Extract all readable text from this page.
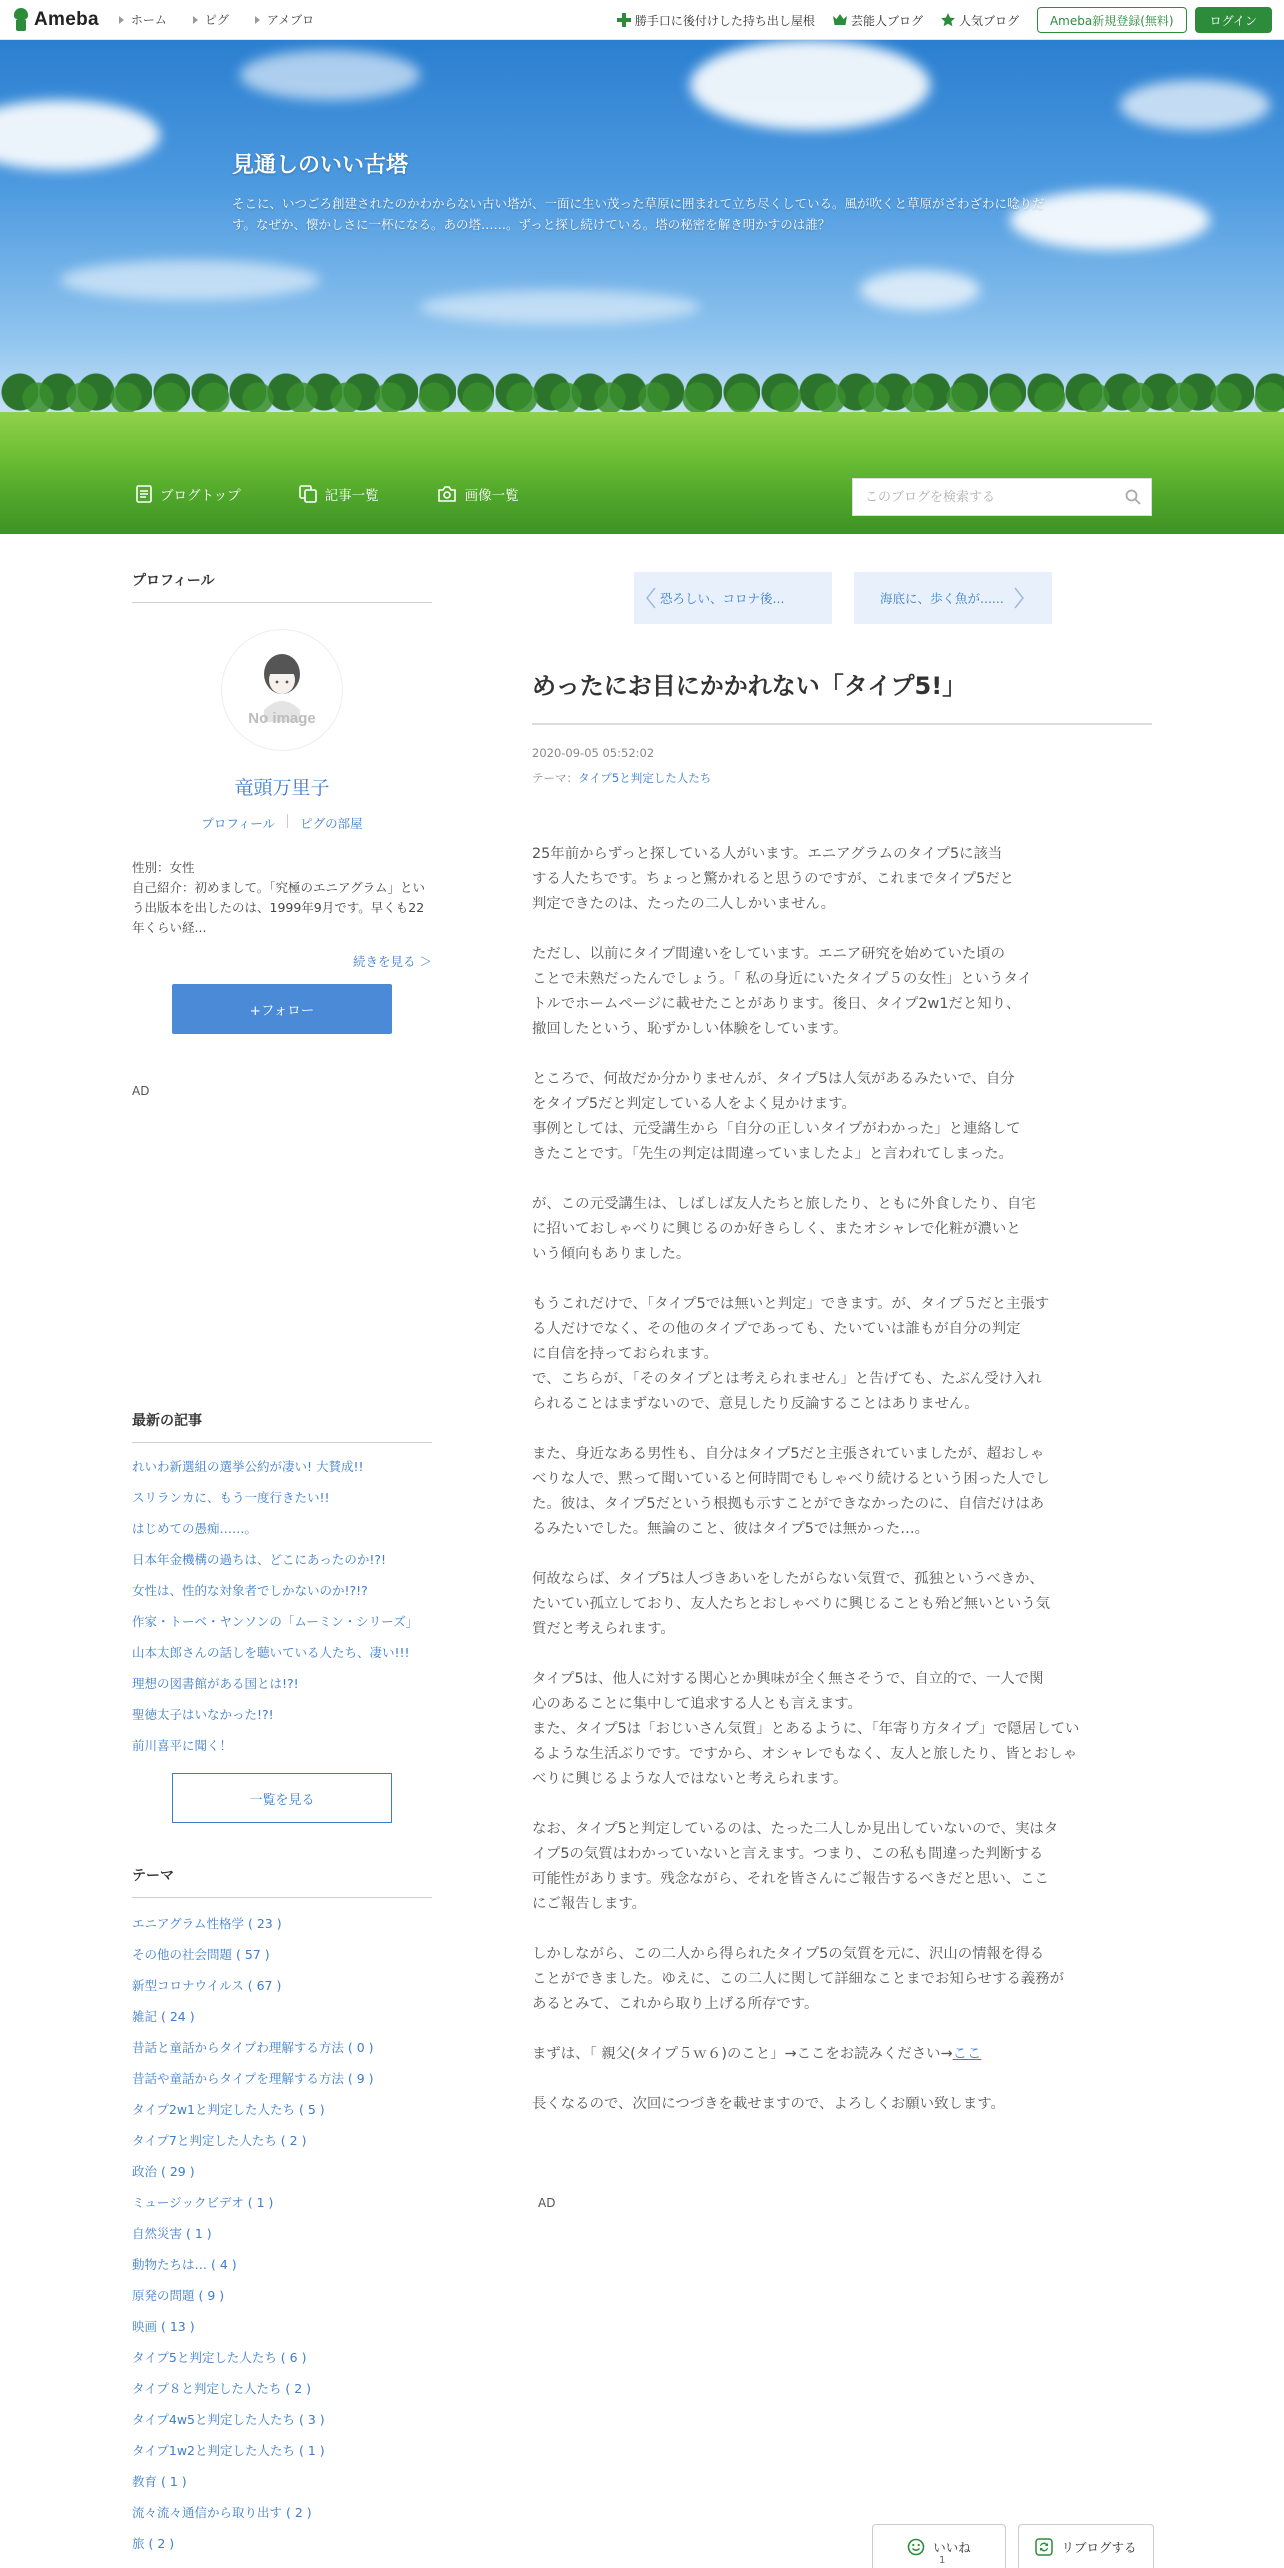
Ameba	ホーム	ピグ	アメブロ	勝手口に後付けした持ち出し屋根	芸能人ブログ	人気ブログ	Ameba新規登録(無料)	ログイン
見通しのいい古塔
そこに、いつごろ創建されたのかわからない古い塔が、一面に生い茂った草原に囲まれて立ち尽くしている。風が吹くと草原がざわざわに唸りだす。なぜか、懐かしさに一杯になる。あの塔……。ずっと探し続けている。塔の秘密を解き明かすのは誰？
ブログトップ	記事一覧	画像一覧
このブログを検索する
プロフィール
No image
竜頭万里子
プロフィール	ピグの部屋
性別：女性
自己紹介：初めまして。「究極のエニアグラム」という出版本を出したのは、1999年9月です。早くも22年くらい経...
続きを見る ＞
+フォロー
AD
最新の記事
れいわ新選組の選挙公約が凄い! 大賛成!!
スリランカに、もう一度行きたい!!
はじめての愚痴……。
日本年金機構の過ちは、どこにあったのか!?!
女性は、性的な対象者でしかないのか!?!?
作家・トーベ・ヤンソンの「ムーミン・シリーズ」
山本太郎さんの話しを聴いている人たち、凄い!!!
理想の図書館がある国とは!?!
聖徳太子はいなかった!?!
前川喜平に聞く！
一覧を見る
テーマ
エニアグラム性格学 ( 23 )
その他の社会問題 ( 57 )
新型コロナウイルス ( 67 )
雑記 ( 24 )
昔話と童話からタイプわ理解する方法 ( 0 )
昔話や童話からタイプを理解する方法 ( 9 )
タイプ2w1と判定した人たち ( 5 )
タイプ7と判定した人たち ( 2 )
政治 ( 29 )
ミュージックビデオ ( 1 )
自然災害 ( 1 )
動物たちは… ( 4 )
原発の問題 ( 9 )
映画 ( 13 )
タイプ5と判定した人たち ( 6 )
タイプ８と判定した人たち ( 2 )
タイプ4w5と判定した人たち ( 3 )
タイプ1w2と判定した人たち ( 1 )
教育 ( 1 )
流々流々通信から取り出す ( 2 )
旅 ( 2 )
恐ろしい、コロナ後...	海底に、歩く魚が......
めったにお目にかかれない「タイプ5!」
2020-09-05 05:52:02
テーマ：タイプ5と判定した人たち

25年前からずっと探している人がいます。エニアグラムのタイプ5に該当
する人たちです。ちょっと驚かれると思うのですが、これまでタイプ5だと
判定できたのは、たったの二人しかいません。

ただし、以前にタイプ間違いをしています。エニア研究を始めていた頃の
ことで未熟だったんでしょう。「 私の身近にいたタイプ５の女性」というタイ
トルでホームページに載せたことがあります。後日、タイプ2w1だと知り、
撤回したという、恥ずかしい体験をしています。

ところで、何故だか分かりませんが、タイプ5は人気があるみたいで、自分
をタイプ5だと判定している人をよく見かけます。
事例としては、元受講生から「自分の正しいタイプがわかった」と連絡して
きたことです。「先生の判定は間違っていましたよ」と言われてしまった。

が、この元受講生は、しばしば友人たちと旅したり、ともに外食したり、自宅
に招いておしゃべりに興じるのか好きらしく、またオシャレで化粧が濃いと
いう傾向もありました。

もうこれだけで、「タイプ5では無いと判定」できます。が、タイプ５だと主張す
る人だけでなく、その他のタイプであっても、たいていは誰もが自分の判定
に自信を持っておられます。
で、こちらが、「そのタイプとは考えられません」と告げても、たぶん受け入れ
られることはまずないので、意見したり反論することはありません。

また、身近なある男性も、自分はタイプ5だと主張されていましたが、超おしゃ
べりな人で、黙って聞いていると何時間でもしゃべり続けるという困った人でし
た。彼は、タイプ5だという根拠も示すことができなかったのに、自信だけはあ
るみたいでした。無論のこと、彼はタイプ5では無かった…。

何故ならば、タイプ5は人づきあいをしたがらない気質で、孤独というべきか、
たいてい孤立しており、友人たちとおしゃべりに興じることも殆ど無いという気
質だと考えられます。

タイプ5は、他人に対する関心とか興味が全く無さそうで、自立的で、一人で関
心のあることに集中して追求する人とも言えます。
また、タイプ5は「おじいさん気質」とあるように、「年寄り方タイプ」で隠居してい
るような生活ぶりです。ですから、オシャレでもなく、友人と旅したり、皆とおしゃ
べりに興じるような人ではないと考えられます。

なお、タイプ5と判定しているのは、たった二人しか見出していないので、実はタ
イプ5の気質はわかっていないと言えます。つまり、この私も間違った判断する
可能性があります。残念ながら、それを皆さんにご報告するべきだと思い、ここ
にご報告します。

しかしながら、この二人から得られたタイプ5の気質を元に、沢山の情報を得る
ことができました。ゆえに、この二人に関して詳細なことまでお知らせする義務が
あるとみて、これから取り上げる所存です。

まずは、「 親父(タイプ５ｗ６)のこと」→ここをお読みください→ここ

長くなるので、次回につづきを載せますので、よろしくお願い致します。

AD
いいね
1
リブログする
